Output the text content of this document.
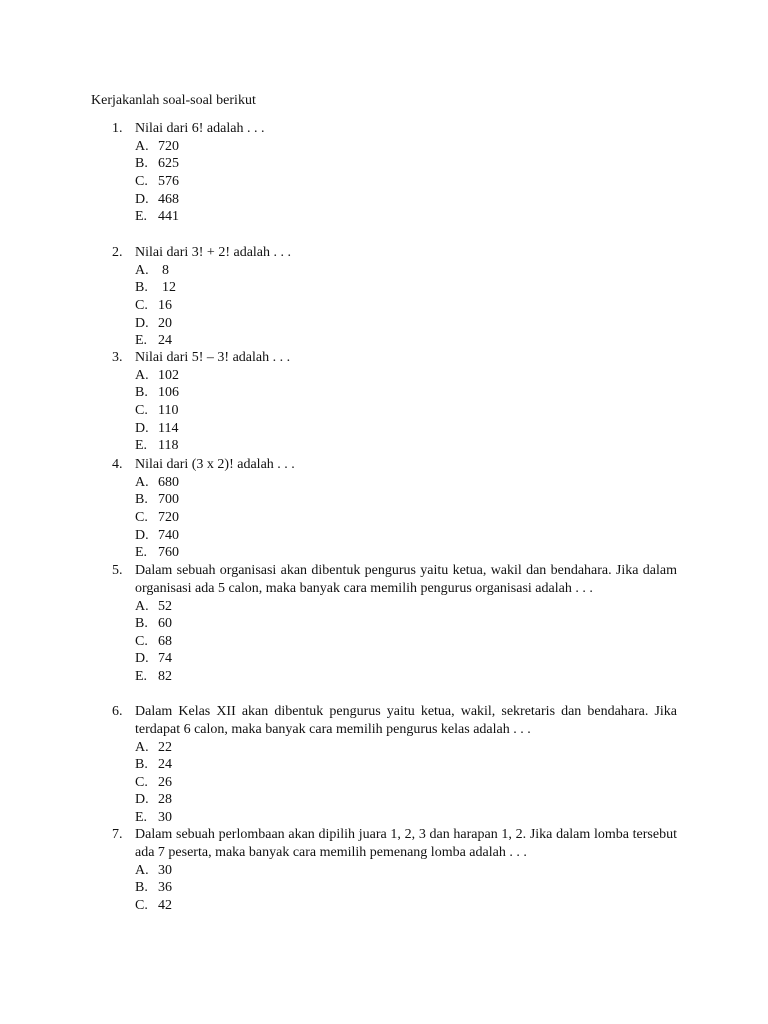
Kerjakanlah soal-soal berikut
1. Nilai dari 6! adalah . . .
A. 720
B. 625
C. 576
D. 468
E. 441
2. Nilai dari 3! + 2! adalah . . .
A. 8
B. 12
C. 16
D. 20
E. 24
3. Nilai dari 5! – 3! adalah . . .
A. 102
B. 106
C. 110
D. 114
E. 118
4. Nilai dari (3 x 2)! adalah . . .
A. 680
B. 700
C. 720
D. 740
E. 760
5. Dalam sebuah organisasi akan dibentuk pengurus yaitu ketua, wakil dan bendahara. Jika dalam organisasi ada 5 calon, maka banyak cara memilih pengurus organisasi adalah . . .
A. 52
B. 60
C. 68
D. 74
E. 82
6. Dalam Kelas XII akan dibentuk pengurus yaitu ketua, wakil, sekretaris dan bendahara. Jika terdapat 6 calon, maka banyak cara memilih pengurus kelas adalah . . .
A. 22
B. 24
C. 26
D. 28
E. 30
7. Dalam sebuah perlombaan akan dipilih juara 1, 2, 3 dan harapan 1, 2. Jika dalam lomba tersebut ada 7 peserta, maka banyak cara memilih pemenang lomba adalah . . .
A. 30
B. 36
C. 42
